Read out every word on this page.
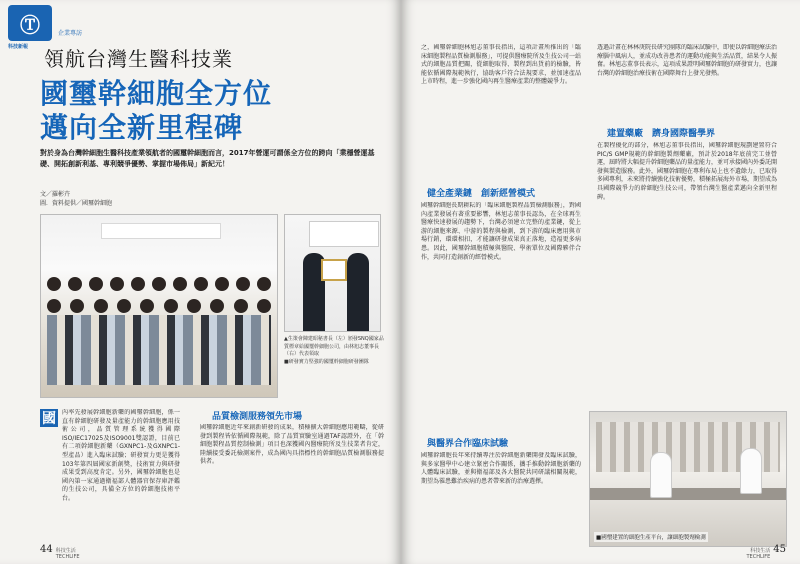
Ⓣ
科技新報
企業專訪
領航台灣生醫科技業
國璽幹細胞全方位
邁向全新里程碑
對於身為台灣幹細胞生醫科技產業領航者的國璽幹細胞而言，2017年營運可謂係全方位的跨向「業穩營運基礎、開拓創新利基、專利競爭優勢、掌握市場佈局」新紀元！
文／羅彬卉
圖．資料提供／國璽幹細胞
▲生策會陳建昭秘書長（左）頒發SNQ國家品質標章給國璽幹細胞公司，由林旭志董事長（右）代表領取
■研發實力堅強的國璽幹細胞研發團隊
國	內率先發展幹細胞新藥的國璽幹細胞，係一直有幹細胞研發及量產能力的幹細胞應用技術公司，品質管理系統獲得國際ISO/IEC17025及ISO9001雙認證，目前已有二項幹細胞新藥（GXNPC1-及GXNPC1-型產品）進入臨床試驗；研發實力更是獲得103年第四屆國家新創獎，技術實力與研發成果受到高度肯定。另外，國璽幹細胞也是國內第一家通過衛福部人體器官保存庫評鑑的生技公司，具備全方位的幹細胞技術平台。
品質檢測服務領先市場
國璽幹細胞近年來創新研發的成果，積極擴大幹細胞應用範疇，從研發到製程皆依循國際規範，除了品質實驗室通過TAF認證外，在「幹細胞製程品質控制檢測」項目也深獲國內醫療院所及生技業者肯定，陸續接受委託檢測案件，成為國內具指標性的幹細胞品質檢測服務提供者。
44 科技生活
TECHLIFE
之，國璽幹細胞林旭志董事長指出，這項計畫所推出的「臨床細胞製程品質檢測服務」，可提供醫療院所及生技公司一站式的細胞品質把關，從細胞取得、製程到出貨前的檢驗，皆能依循國際規範執行，協助客戶符合法規要求，並加速產品上市時程，進一步強化國內再生醫療產業的整體競爭力。
健全產業鏈　創新經營模式
國璽幹細胞長期耕耘的「臨床細胞製程品質檢測服務」，對國內產業發展有著重要影響，林旭志董事長認為，在全球再生醫療快速發展的趨勢下，台灣必須建立完整的產業鏈，從上游的細胞來源、中游的製程與檢測，到下游的臨床應用與市場行銷，環環相扣，才能讓研發成果真正落地，造福更多病患。因此，國璽幹細胞積極與醫院、學術單位及國際夥伴合作，共同打造創新的經營模式。
與醫界合作臨床試驗
國璽幹細胞長年來持續專注於幹細胞新藥開發及臨床試驗，與多家醫學中心建立緊密合作關係，攜手推動幹細胞新藥的人體臨床試驗，並與衛福部及各大醫院共同研議相關規範，期望為罹患難治疾病的患者帶來新的治療選擇。
透過計畫在林林庚院長研究團隊的臨床試驗中，即使以幹細胞療法治療腦中風病人，並成功改善患者的運動功能與生活品質，結果令人振奮。林旭志董事長表示，這項成果證明國璽幹細胞的研發實力，也讓台灣的幹細胞治療技術在國際舞台上發光發熱。
建置藥廠　躋身國際醫學界
在製程優化的部分，林旭志董事長指出，國璽幹細胞規劃建置符合PIC/S GMP規範的幹細胞製劑藥廠，預計於2018年底前完工並營運，屆時將大幅提升幹細胞藥品的量產能力，並可承接國內外委託開發與製造服務。此外，國璽幹細胞在專利布局上也不遺餘力，已取得多國專利，未來將持續強化技術優勢，積極拓展海外市場，期望成為具國際競爭力的幹細胞生技公司，帶領台灣生醫產業邁向全新里程碑。
■國璽建置的細胞生產平台，讓細胞製劑檢測
科技生活
TECHLIFE
45
